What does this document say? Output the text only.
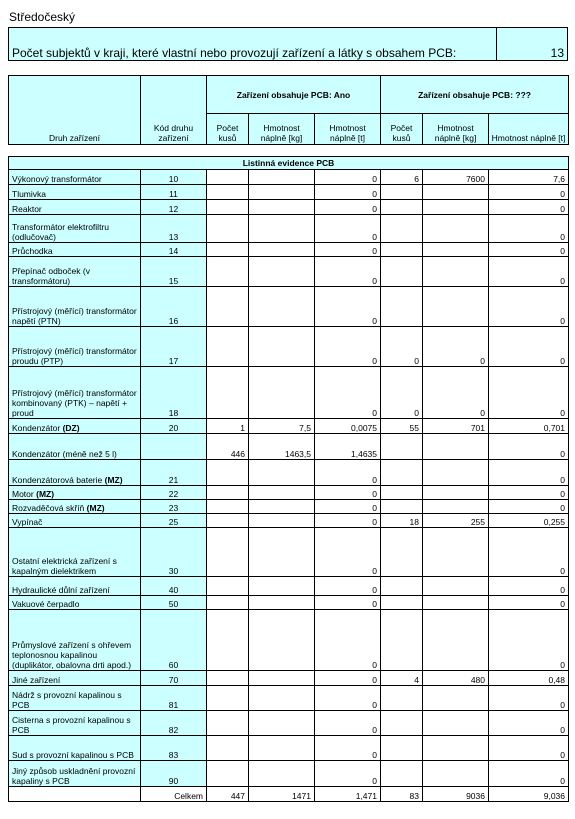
Středočeský
Počet subjektů v kraji, které vlastní nebo provozují zařízení a látky s obsahem PCB:	13
Druh zařízení	Kód druhu zařízení	Zařízení obsahuje PCB: Ano			Zařízení obsahuje PCB: ???		
		Počet kusů	Hmotnost náplně [kg]	Hmotnost náplně [t]	Počet kusů	Hmotnost náplně [kg]	Hmotnost náplně [t]
Listinná evidence PCB							
Výkonový transformátor	10			0	6	7600	7,6
Tlumivka	11			0			0
Reaktor	12			0			0
Transformátor elektrofiltru (odlučovač)	13			0			0
Průchodka	14			0			0
Přepínač odboček (v transformátoru)	15			0			0
Přístrojový (měřící) transformátor napětí (PTN)	16			0			0
Přístrojový (měřící) transformátor proudu (PTP)	17			0	0	0	0
Přístrojový (měřící) transformátor kombinovaný (PTK) – napětí + proud	18			0	0	0	0
Kondenzátor (DZ)	20	1	7,5	0,0075	55	701	0,701
Kondenzátor (méně než 5 l)		446	1463,5	1,4635			0
Kondenzátorová baterie (MZ)	21			0			0
Motor (MZ)	22			0			0
Rozvaděčová skříň (MZ)	23			0			0
Vypínač	25			0	18	255	0,255
Ostatní elektrická zařízení s kapalným dielektrikem	30			0			0
Hydraulické důlní zařízení	40			0			0
Vakuové čerpadlo	50			0			0
Průmyslové zařízení s ohřevem teplonosnou kapalinou (duplikátor, obalovna drti apod.)	60			0			0
Jiné zařízení	70			0	4	480	0,48
Nádrž s provozní kapalinou s PCB	81			0			0
Cisterna s provozní kapalinou s PCB	82			0			0
Sud s provozní kapalinou s PCB	83			0			0
Jiný způsob uskladnění provozní kapaliny s PCB	90			0			0
	Celkem	447	1471	1,471	83	9036	9,036
